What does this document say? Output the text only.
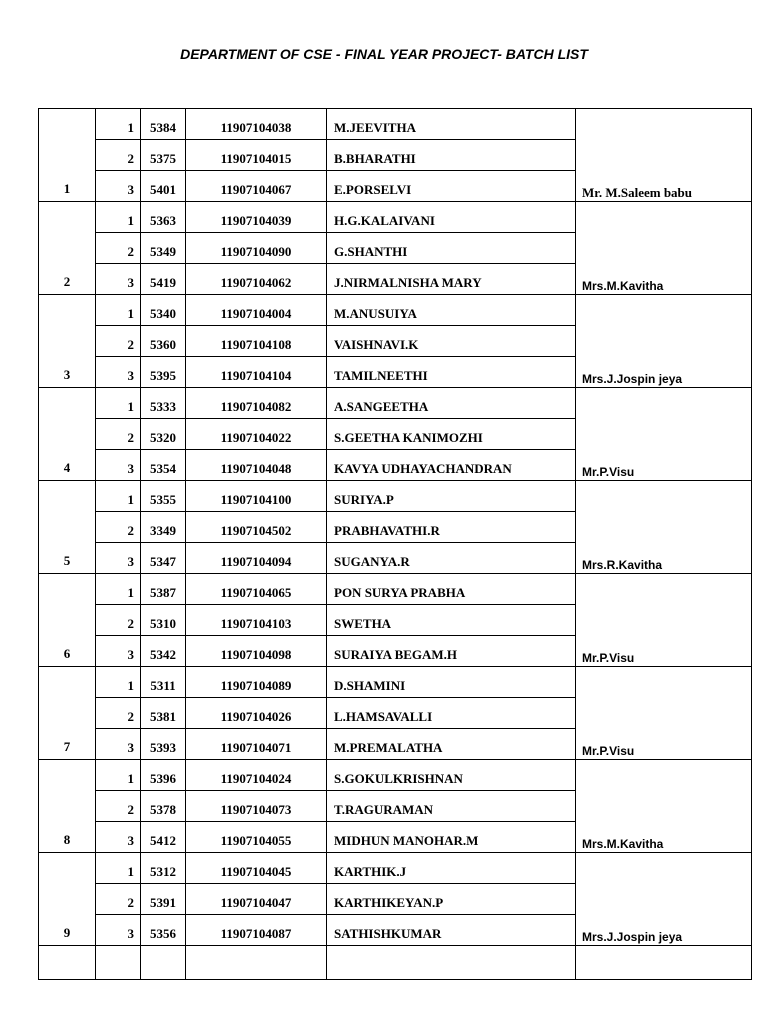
DEPARTMENT OF CSE - FINAL YEAR PROJECT- BATCH LIST
1	1	5384	11907104038	M.JEEVITHA	Mr. M.Saleem babu
	2	5375	11907104015	B.BHARATHI	
	3	5401	11907104067	E.PORSELVI	
2	1	5363	11907104039	H.G.KALAIVANI	Mrs.M.Kavitha
	2	5349	11907104090	G.SHANTHI	
	3	5419	11907104062	J.NIRMALNISHA MARY	
3	1	5340	11907104004	M.ANUSUIYA	Mrs.J.Jospin jeya
	2	5360	11907104108	VAISHNAVI.K	
	3	5395	11907104104	TAMILNEETHI	
4	1	5333	11907104082	A.SANGEETHA	Mr.P.Visu
	2	5320	11907104022	S.GEETHA KANIMOZHI	
	3	5354	11907104048	KAVYA UDHAYACHANDRAN	
5	1	5355	11907104100	SURIYA.P	Mrs.R.Kavitha
	2	3349	11907104502	PRABHAVATHI.R	
	3	5347	11907104094	SUGANYA.R	
6	1	5387	11907104065	PON SURYA PRABHA	Mr.P.Visu
	2	5310	11907104103	SWETHA	
	3	5342	11907104098	SURAIYA BEGAM.H	
7	1	5311	11907104089	D.SHAMINI	Mr.P.Visu
	2	5381	11907104026	L.HAMSAVALLI	
	3	5393	11907104071	M.PREMALATHA	
8	1	5396	11907104024	S.GOKULKRISHNAN	Mrs.M.Kavitha
	2	5378	11907104073	T.RAGURAMAN	
	3	5412	11907104055	MIDHUN MANOHAR.M	
9	1	5312	11907104045	KARTHIK.J	Mrs.J.Jospin jeya
	2	5391	11907104047	KARTHIKEYAN.P	
	3	5356	11907104087	SATHISHKUMAR	
